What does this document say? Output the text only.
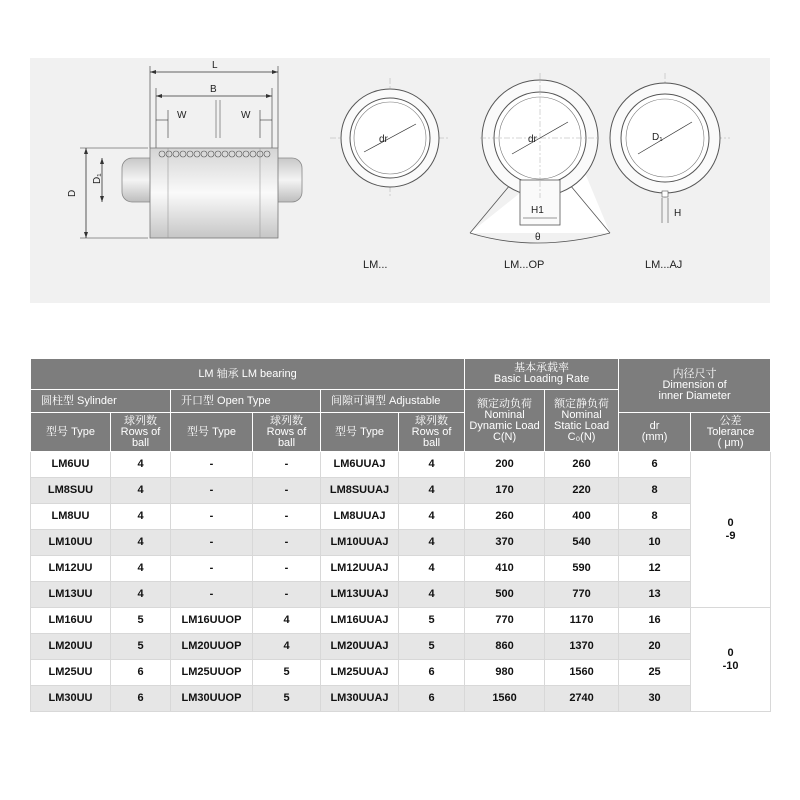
L
B
W	W
D
D₁
dr
LM...
dr
H1
θ
LM...OP
D₁
H
LM...AJ
LM 轴承 LM bearing						基本承载率
Basic Loading Rate		内径尺寸
Dimension of
inner Diameter	

圆柱型 Sylinder		开口型 Open Type		间隙可调型 Adjustable		额定动负荷
Nominal
Dynamic Load
C(N)	额定静负荷
Nominal
Static Load
C₀(N)		

型号 Type	球列数
Rows of
ball	型号 Type	球列数
Rows of
ball	型号 Type	球列数
Rows of
ball			dr
(mm)	公差
Tolerance
( μm)

LM6UU	4	-	-	LM6UUAJ	4	200	260	6	0
-9

LM8SUU	4	-	-	LM8SUUAJ	4	170	220	8	
LM8UU	4	-	-	LM8UUAJ	4	260	400	8	
LM10UU	4	-	-	LM10UUAJ	4	370	540	10	
LM12UU	4	-	-	LM12UUAJ	4	410	590	12	
LM13UU	4	-	-	LM13UUAJ	4	500	770	13	
LM16UU	5	LM16UUOP	4	LM16UUAJ	5	770	1170	16	0
-10

LM20UU	5	LM20UUOP	4	LM20UUAJ	5	860	1370	20	
LM25UU	6	LM25UUOP	5	LM25UUAJ	6	980	1560	25	
LM30UU	6	LM30UUOP	5	LM30UUAJ	6	1560	2740	30	
